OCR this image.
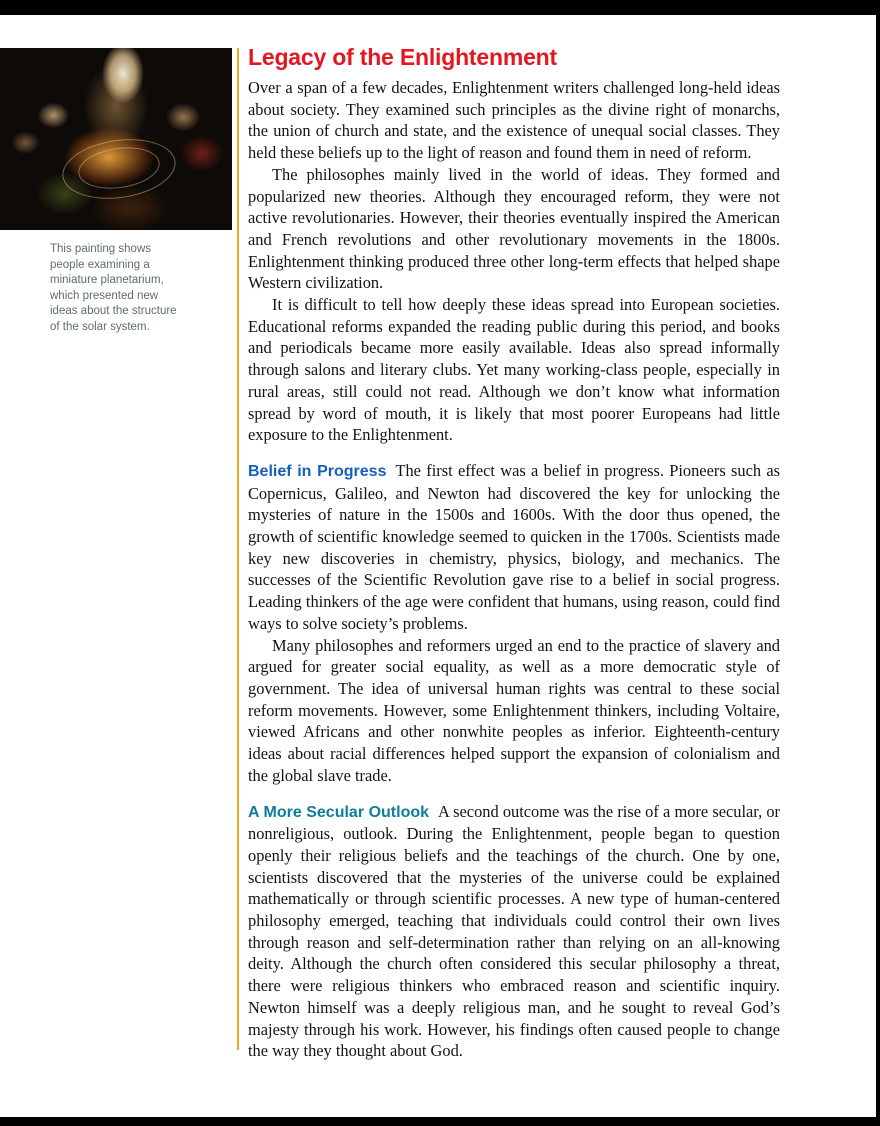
This painting shows people examining a miniature planetarium, which presented new ideas about the structure of the solar system.
Legacy of the Enlightenment

Over a span of a few decades, Enlightenment writers challenged long-held ideas about society. They examined such principles as the divine right of monarchs, the union of church and state, and the existence of unequal social classes. They held these beliefs up to the light of reason and found them in need of reform.

The philosophes mainly lived in the world of ideas. They formed and popularized new theories. Although they encouraged reform, they were not active revolutionaries. However, their theories eventually inspired the American and French revolutions and other revolutionary movements in the 1800s. Enlightenment thinking produced three other long-term effects that helped shape Western civilization.

It is difficult to tell how deeply these ideas spread into European societies. Educational reforms expanded the reading public during this period, and books and periodicals became more easily available. Ideas also spread informally through salons and literary clubs. Yet many working-class people, especially in rural areas, still could not read. Although we don’t know what information spread by word of mouth, it is likely that most poorer Europeans had little exposure to the Enlightenment.

Belief in Progress The first effect was a belief in progress. Pioneers such as Copernicus, Galileo, and Newton had discovered the key for unlocking the mysteries of nature in the 1500s and 1600s. With the door thus opened, the growth of scientific knowledge seemed to quicken in the 1700s. Scientists made key new discoveries in chemistry, physics, biology, and mechanics. The successes of the Scientific Revolution gave rise to a belief in social progress. Leading thinkers of the age were confident that humans, using reason, could find ways to solve society’s problems.

Many philosophes and reformers urged an end to the practice of slavery and argued for greater social equality, as well as a more democratic style of government. The idea of universal human rights was central to these social reform movements. However, some Enlightenment thinkers, including Voltaire, viewed Africans and other nonwhite peoples as inferior. Eighteenth-century ideas about racial differences helped support the expansion of colonialism and the global slave trade.

A More Secular Outlook A second outcome was the rise of a more secular, or nonreligious, outlook. During the Enlightenment, people began to question openly their religious beliefs and the teachings of the church. One by one, scientists discovered that the mysteries of the universe could be explained mathematically or through scientific processes. A new type of human-centered philosophy emerged, teaching that individuals could control their own lives through reason and self-determination rather than relying on an all-knowing deity. Although the church often considered this secular philosophy a threat, there were religious thinkers who embraced reason and scientific inquiry. Newton himself was a deeply religious man, and he sought to reveal God’s majesty through his work. However, his findings often caused people to change the way they thought about God.
